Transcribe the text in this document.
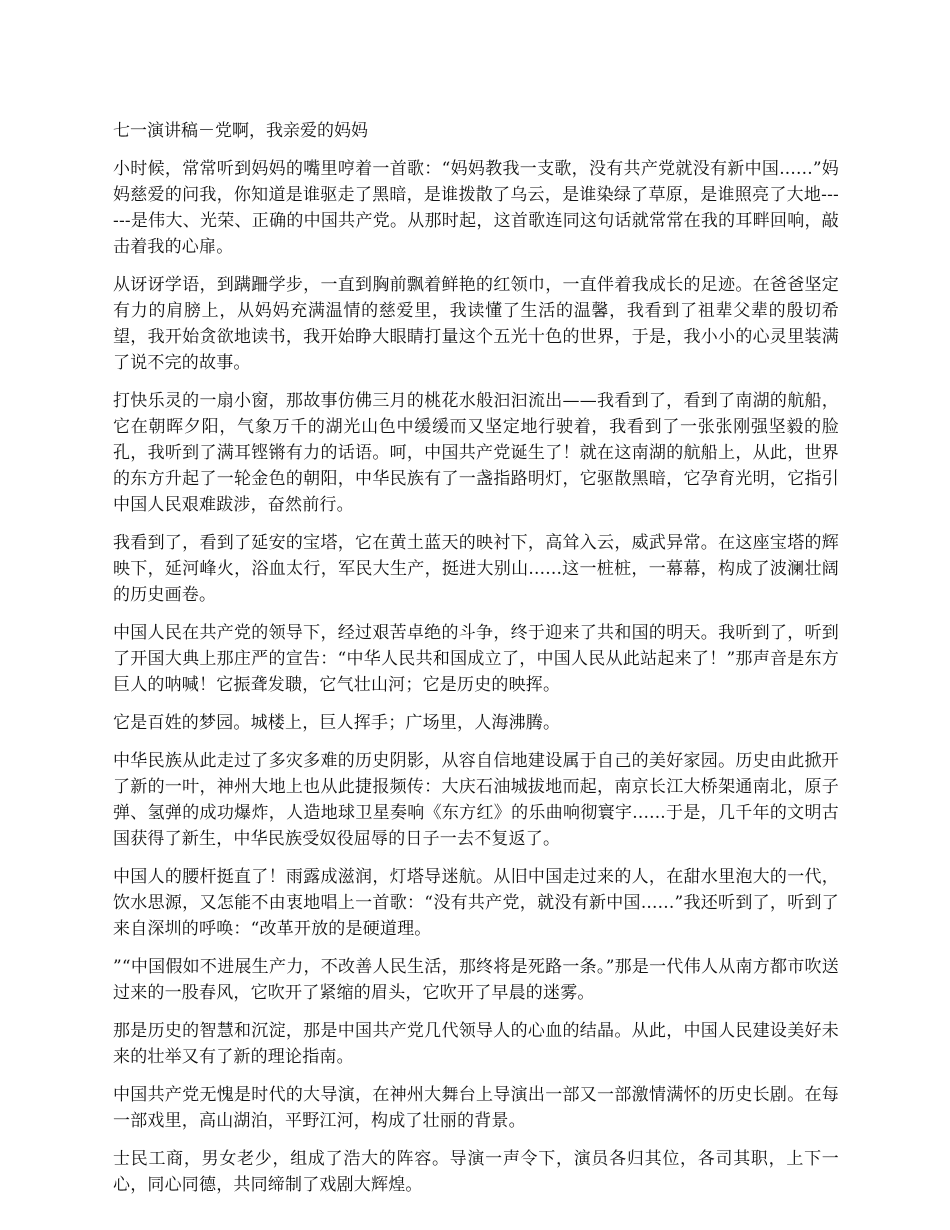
七一演讲稿－党啊，我亲爱的妈妈

小时候，常常听到妈妈的嘴里哼着一首歌：“妈妈教我一支歌，没有共产党就没有新中国......”妈妈慈爱的问我，你知道是谁驱走了黑暗，是谁拨散了乌云，是谁染绿了草原，是谁照亮了大地------是伟大、光荣、正确的中国共产党。从那时起，这首歌连同这句话就常常在我的耳畔回响，敲击着我的心扉。

从讶讶学语，到蹒跚学步，一直到胸前飘着鲜艳的红领巾，一直伴着我成长的足迹。在爸爸坚定有力的肩膀上，从妈妈充满温情的慈爱里，我读懂了生活的温馨，我看到了祖辈父辈的殷切希望，我开始贪欲地读书，我开始睁大眼睛打量这个五光十色的世界，于是，我小小的心灵里装满了说不完的故事。

打快乐灵的一扇小窗，那故事仿佛三月的桃花水般汩汩流出——我看到了，看到了南湖的航船，它在朝晖夕阳，气象万千的湖光山色中缓缓而又坚定地行驶着，我看到了一张张刚强坚毅的脸孔，我听到了满耳铿锵有力的话语。呵，中国共产党诞生了！就在这南湖的航船上，从此，世界的东方升起了一轮金色的朝阳，中华民族有了一盏指路明灯，它驱散黑暗，它孕育光明，它指引中国人民艰难跋涉，奋然前行。

我看到了，看到了延安的宝塔，它在黄土蓝天的映衬下，高耸入云，威武异常。在这座宝塔的辉映下，延河峰火，浴血太行，军民大生产，挺进大别山......这一桩桩，一幕幕，构成了波澜壮阔的历史画卷。

中国人民在共产党的领导下，经过艰苦卓绝的斗争，终于迎来了共和国的明天。我听到了，听到了开国大典上那庄严的宣告：“中华人民共和国成立了，中国人民从此站起来了！”那声音是东方巨人的呐喊！它振聋发聩，它气壮山河；它是历史的映挥。

它是百姓的梦园。城楼上，巨人挥手；广场里，人海沸腾。

中华民族从此走过了多灾多难的历史阴影，从容自信地建设属于自己的美好家园。历史由此掀开了新的一叶，神州大地上也从此捷报频传：大庆石油城拔地而起，南京长江大桥架通南北，原子弹、氢弹的成功爆炸，人造地球卫星奏响《东方红》的乐曲响彻寰宇......于是，几千年的文明古国获得了新生，中华民族受奴役屈辱的日子一去不复返了。

中国人的腰杆挺直了！雨露成滋润，灯塔导迷航。从旧中国走过来的人，在甜水里泡大的一代，饮水思源，又怎能不由衷地唱上一首歌：“没有共产党，就没有新中国......”我还听到了，听到了来自深圳的呼唤：“改革开放的是硬道理。

”“中国假如不进展生产力，不改善人民生活，那终将是死路一条。”那是一代伟人从南方都市吹送过来的一股春风，它吹开了紧缩的眉头，它吹开了早晨的迷雾。

那是历史的智慧和沉淀，那是中国共产党几代领导人的心血的结晶。从此，中国人民建设美好未来的壮举又有了新的理论指南。

中国共产党无愧是时代的大导演，在神州大舞台上导演出一部又一部激情满怀的历史长剧。在每一部戏里，高山湖泊，平野江河，构成了壮丽的背景。

士民工商，男女老少，组成了浩大的阵容。导演一声令下，演员各归其位，各司其职，上下一心，同心同德，共同缔制了戏剧大辉煌。
